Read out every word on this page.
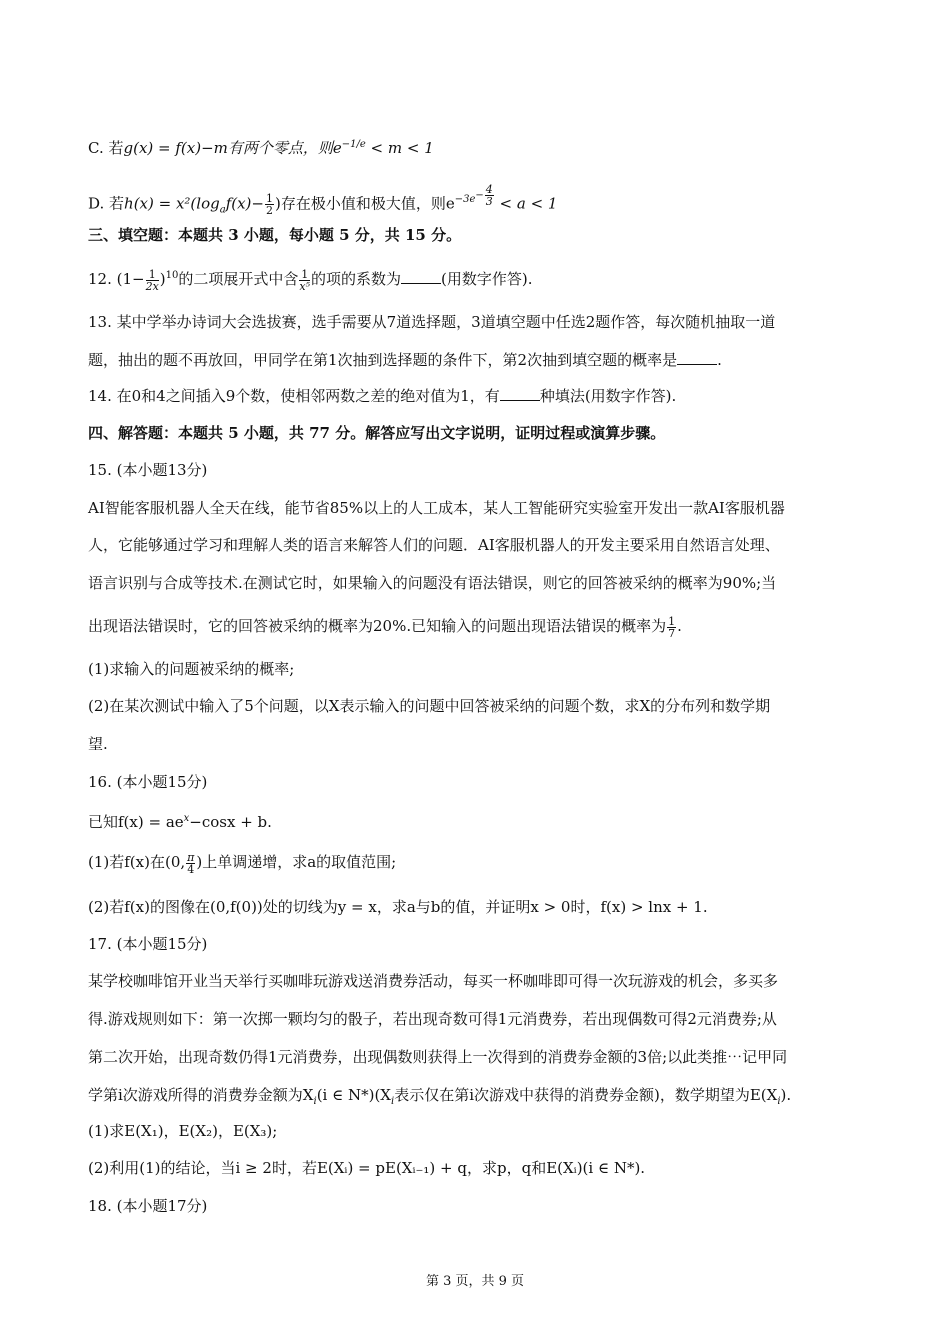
C. 若g(x) = f(x)−m有两个零点，则$e^{-1/e} < m < 1$
D. 若$h(x) = x^2(\log_af(x)- \frac{1}{2}$ )存在极小值和极大值，则$e^{-3e^{- \frac{4}{3}}} < a < 1$
三、填空题：本题共 3 小题，每小题 5 分，共 15 分。
12. $(1- \frac{1}{2x} )^{10}$的二项展开式中含 $\frac{1}{\text{x⁵}}$ 的项的系数为	(用数字作答).
13. 某中学举办诗词大会选拔赛，选手需要从7道选择题，3道填空题中任选2题作答，每次随机抽取一道
题，抽出的题不再放回，甲同学在第1次抽到选择题的条件下，第2次抽到填空题的概率是	.
14. 在0和4之间插入9个数，使相邻两数之差的绝对值为1，有	种填法(用数字作答).
四、解答题：本题共 5 小题，共 77 分。解答应写出文字说明，证明过程或演算步骤。
15. (本小题13分)
AI智能客服机器人全天在线，能节省85%以上的人工成本，某人工智能研究实验室开发出一款AI客服机器
人，它能够通过学习和理解人类的语言来解答人们的问题．AI客服机器人的开发主要采用自然语言处理、
语言识别与合成等技术.在测试它时，如果输入的问题没有语法错误，则它的回答被采纳的概率为90%;当
出现语法错误时，它的回答被采纳的概率为20%.已知输入的问题出现语法错误的概率为 $\frac{1}{7}$ .
(1)求输入的问题被采纳的概率;
(2)在某次测试中输入了5个问题，以X表示输入的问题中回答被采纳的问题个数，求X的分布列和数学期
望.
16. (本小题15分)
已知$f(x) = ae^x-\cos x + b$.
(1)若f(x)在(0, $\frac{\pi}{4}$ )上单调递增，求a的取值范围;
(2)若f(x)的图像在(0,f(0))处的切线为y = x，求a与b的值，并证明x > 0时，f(x) > lnx + 1.
17. (本小题15分)
某学校咖啡馆开业当天举行买咖啡玩游戏送消费券活动，每买一杯咖啡即可得一次玩游戏的机会，多买多
得.游戏规则如下：第一次掷一颗均匀的骰子，若出现奇数可得1元消费券，若出现偶数可得2元消费券;从
第二次开始，出现奇数仍得1元消费券，出现偶数则获得上一次得到的消费券金额的3倍;以此类推⋯记甲同
学第i次游戏所得的消费券金额为$X_i(i$ ∈ $N*)(X_i$表示仅在第i次游戏中获得的消费券金额)，数学期望为$E(X_i)$.
(1)求E(X₁)，E(X₂)，E(X₃);
(2)利用(1)的结论，当i ≥ 2时，若E(Xᵢ) = pE(Xᵢ₋₁) + q，求p，q和E(Xᵢ)(i ∈ N*).
18. (本小题17分)
第 3 页，共 9 页
